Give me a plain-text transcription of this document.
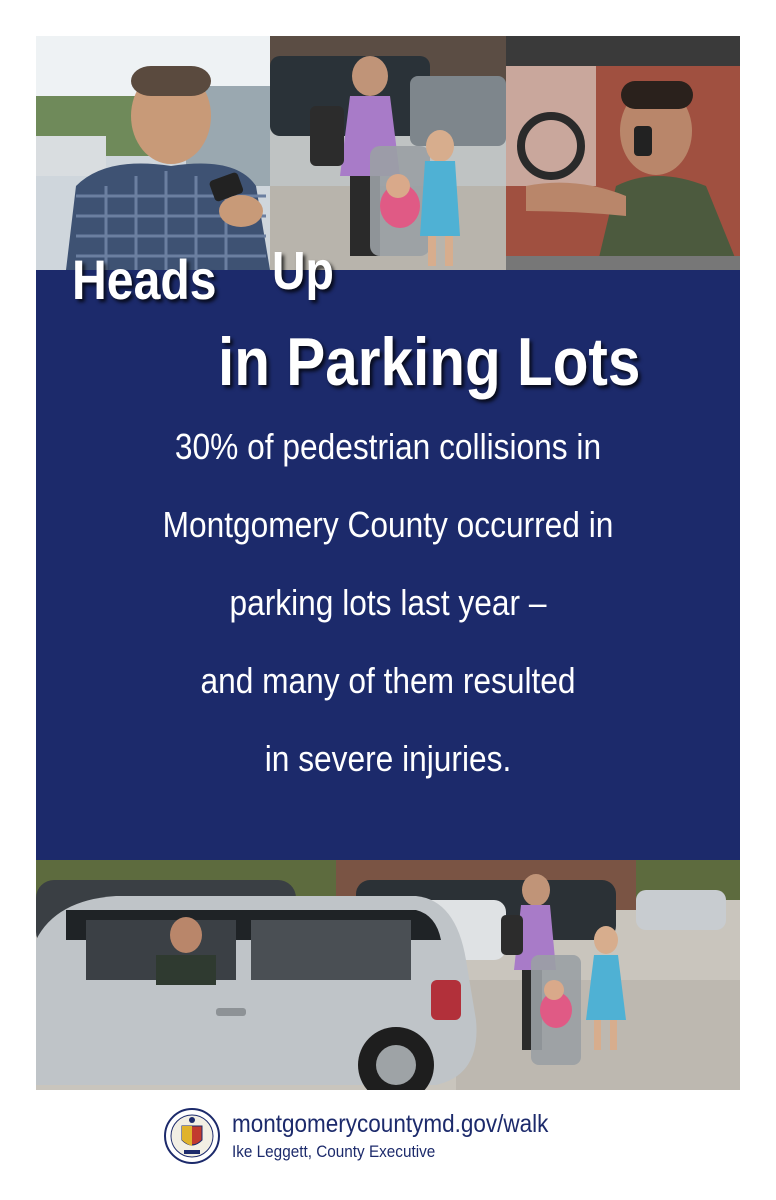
Heads Up
in Parking Lots
30% of pedestrian collisions in
Montgomery County occurred in
parking lots last year –
and many of them resulted
in severe injuries.
montgomerycountymd.gov/walk
Ike Leggett, County Executive
